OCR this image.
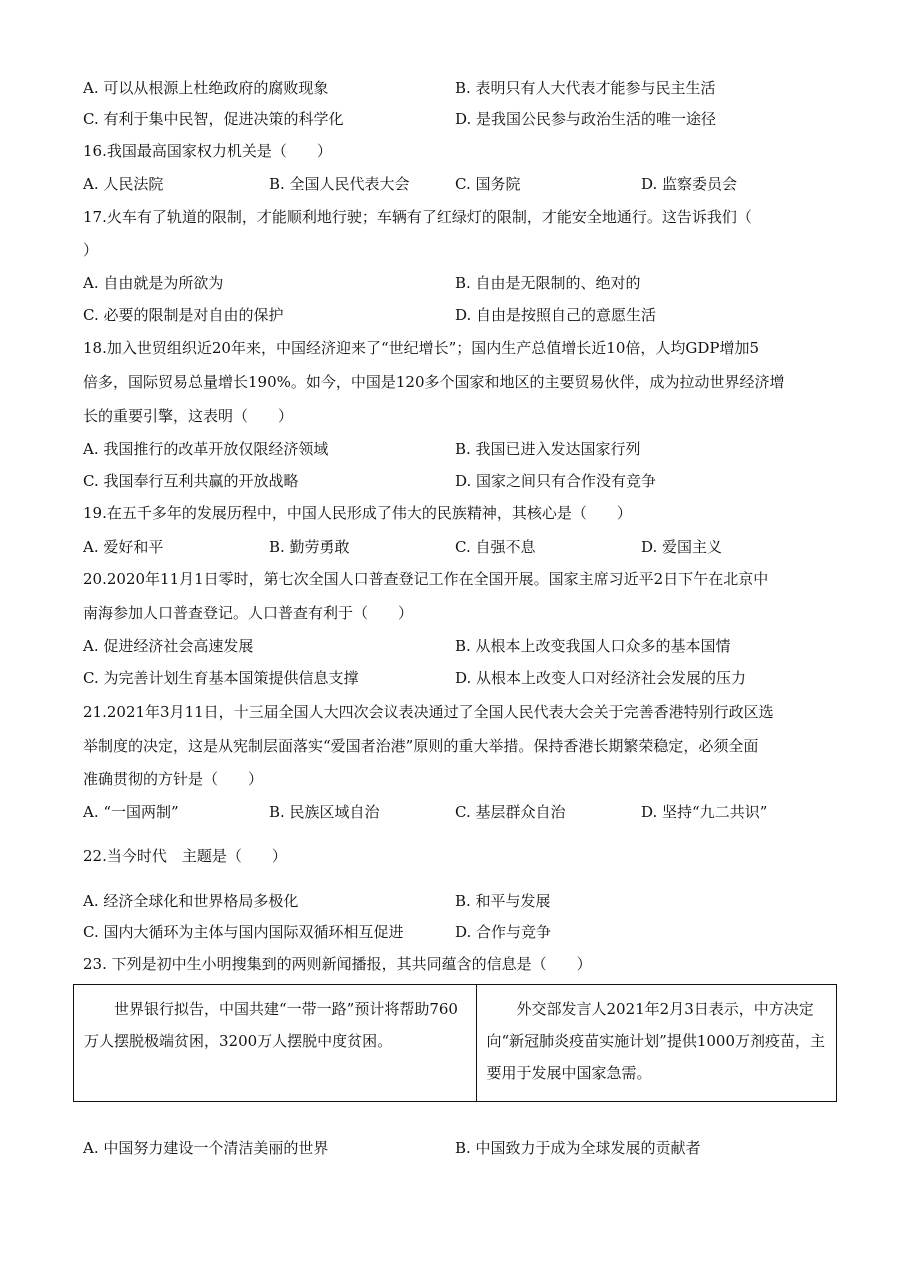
A. 可以从根源上杜绝政府的腐败现象	B. 表明只有人大代表才能参与民主生活
C. 有利于集中民智，促进决策的科学化	D. 是我国公民参与政治生活的唯一途径
16.我国最高国家权力机关是（　　）
A. 人民法院	B. 全国人民代表大会	C. 国务院	D. 监察委员会
17.火车有了轨道的限制，才能顺利地行驶；车辆有了红绿灯的限制，才能安全地通行。这告诉我们（
）
A. 自由就是为所欲为	B. 自由是无限制的、绝对的
C. 必要的限制是对自由的保护	D. 自由是按照自己的意愿生活
18.加入世贸组织近20年来，中国经济迎来了“世纪增长”；国内生产总值增长近10倍，人均GDP增加5
倍多，国际贸易总量增长190%。如今，中国是120多个国家和地区的主要贸易伙伴，成为拉动世界经济增
长的重要引擎，这表明（　　）
A. 我国推行的改革开放仅限经济领域	B. 我国已进入发达国家行列
C. 我国奉行互利共赢的开放战略	D. 国家之间只有合作没有竞争
19.在五千多年的发展历程中，中国人民形成了伟大的民族精神，其核心是（　　）
A. 爱好和平	B. 勤劳勇敢	C. 自强不息	D. 爱国主义
20.2020年11月1日零时，第七次全国人口普查登记工作在全国开展。国家主席习近平2日下午在北京中
南海参加人口普查登记。人口普查有利于（　　）
A. 促进经济社会高速发展	B. 从根本上改变我国人口众多的基本国情
C. 为完善计划生育基本国策提供信息支撑	D. 从根本上改变人口对经济社会发展的压力
21.2021年3月11日，十三届全国人大四次会议表决通过了全国人民代表大会关于完善香港特别行政区选
举制度的决定，这是从宪制层面落实“爱国者治港”原则的重大举措。保持香港长期繁荣稳定，必须全面
准确贯彻的方针是（　　）
A. “一国两制”	B. 民族区域自治	C. 基层群众自治	D. 坚持“九二共识”
22.当今时代　主题是（　　）
A. 经济全球化和世界格局多极化	B. 和平与发展
C. 国内大循环为主体与国内国际双循环相互促进	D. 合作与竞争
23. 下列是初中生小明搜集到的两则新闻播报，其共同蕴含的信息是（　　）
世界银行拟告，中国共建“一带一路”预计将帮助760万人摆脱极端贫困，3200万人摆脱中度贫困。	外交部发言人2021年2月3日表示，中方决定向“新冠肺炎疫苗实施计划”提供1000万剂疫苗，主要用于发展中国家急需。
A. 中国努力建设一个清洁美丽的世界	B. 中国致力于成为全球发展的贡献者
